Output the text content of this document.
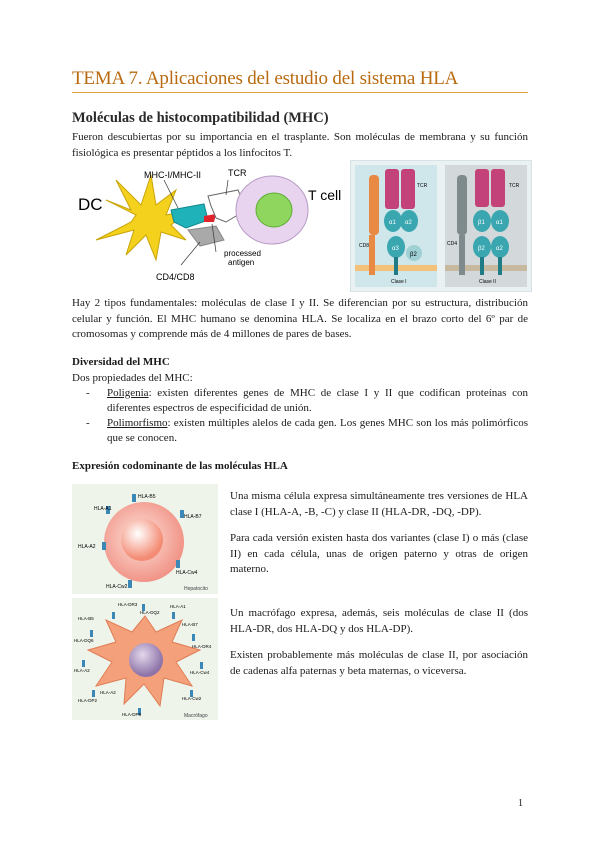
TEMA 7. Aplicaciones del estudio del sistema HLA
Moléculas de histocompatibilidad (MHC)
Fueron descubiertas por su importancia en el trasplante. Son moléculas de membrana y su función fisiológica es presentar péptidos a los linfocitos T.
DC
MHC-I/MHC-II	TCR
T cell
processed
antigen
CD4/CD8
CD8
TCR
α1 α2
α3
β2
Clase I
CD4
TCR
β1 α1
β2 α2
Clase II
Hay 2 tipos fundamentales: moléculas de clase I y II. Se diferencian por su estructura, distribución celular y función. El MHC humano se denomina HLA. Se localiza en el brazo corto del 6º par de cromosomas y comprende más de 4 millones de pares de bases.
Diversidad del MHC
Dos propiedades del MHC:
- Poligenia: existen diferentes genes de MHC de clase I y II que codifican proteínas con diferentes espectros de especificidad de unión.
- Polimorfismo: existen múltiples alelos de cada gen. Los genes MHC son los más polimórficos que se conocen.
Expresión codominante de las moléculas HLA
HLA-B5
HLA-A1
HLA-B7
HLA-A2
HLA-Cw4
HLA-Cw2	Hepatocito
HLA-DR3	HLA-A1
HLA-B5
HLA-DQ2
HLA-B7
HLA-DQ6
HLA-DR4
HLA-A2	HLA-Cw4
HLA-DP2	HLA-Cw2
HLA-A2
HLA-DP8	Macrófago
Una misma célula expresa simultáneamente tres versiones de HLA clase I (HLA-A, -B, -C) y clase II (HLA-DR, -DQ, -DP).
Para cada versión existen hasta dos variantes (clase I) o más (clase II) en cada célula, unas de origen paterno y otras de origen materno.
Un macrófago expresa, además, seis moléculas de clase II (dos HLA-DR, dos HLA-DQ y dos HLA-DP).
Existen probablemente más moléculas de clase II, por asociación de cadenas alfa paternas y beta maternas, o viceversa.
1
